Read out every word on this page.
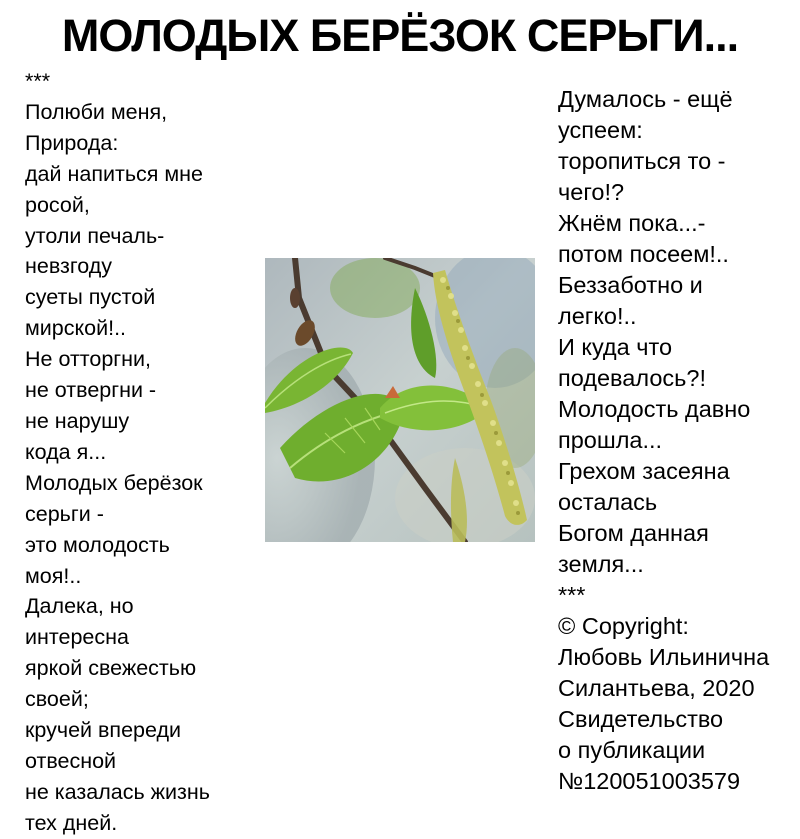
МОЛОДЫХ БЕРЁЗОК СЕРЬГИ...
***
Полюби меня,
Природа:
дай напиться мне
росой,
утоли печаль-
невзгоду
суеты пустой
мирской!..
Не отторгни,
не отвергни -
не нарушу
кода я...
Молодых берёзок
серьги -
это молодость
моя!..
Далека, но
интересна
яркой свежестью
своей;
кручей впереди
отвесной
не казалась жизнь
тех дней.
Думалось - ещё
успеем:
торопиться то -
чего!?
Жнём пока...-
потом посеем!..
Беззаботно и
легко!..
И куда что
подевалось?!
Молодость давно
прошла...
Грехом засеяна
осталась
Богом данная
земля...
***
© Copyright:
Любовь Ильинична
Силантьева, 2020
Свидетельство
о публикации
№120051003579
